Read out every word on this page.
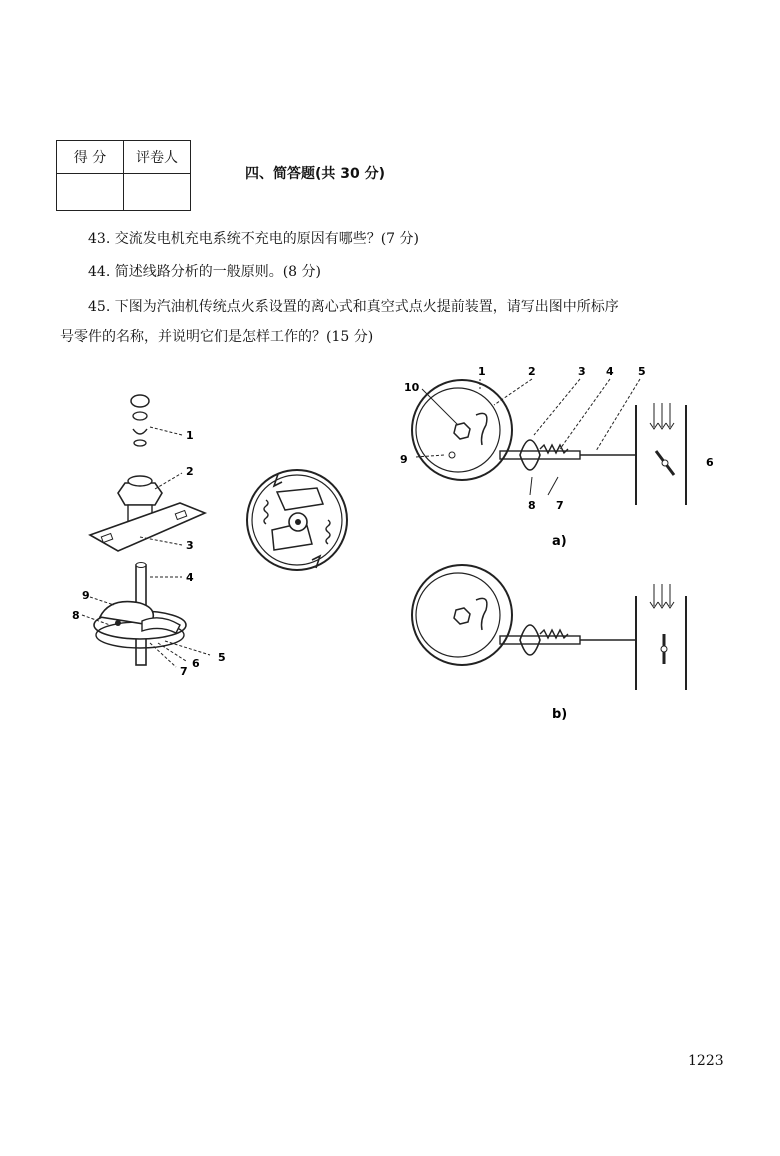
得 分	评卷人

四、简答题(共 30 分)
43. 交流发电机充电系统不充电的原因有哪些？(7 分)
44. 简述线路分析的一般原则。(8 分)
45. 下图为汽油机传统点火系设置的离心式和真空式点火提前装置，请写出图中所标序
号零件的名称，并说明它们是怎样工作的？(15 分)
1
2
3
4
5
6
7
8
9
1	2	3 4 5
6
7
8
9
10
a)
b)
1223
